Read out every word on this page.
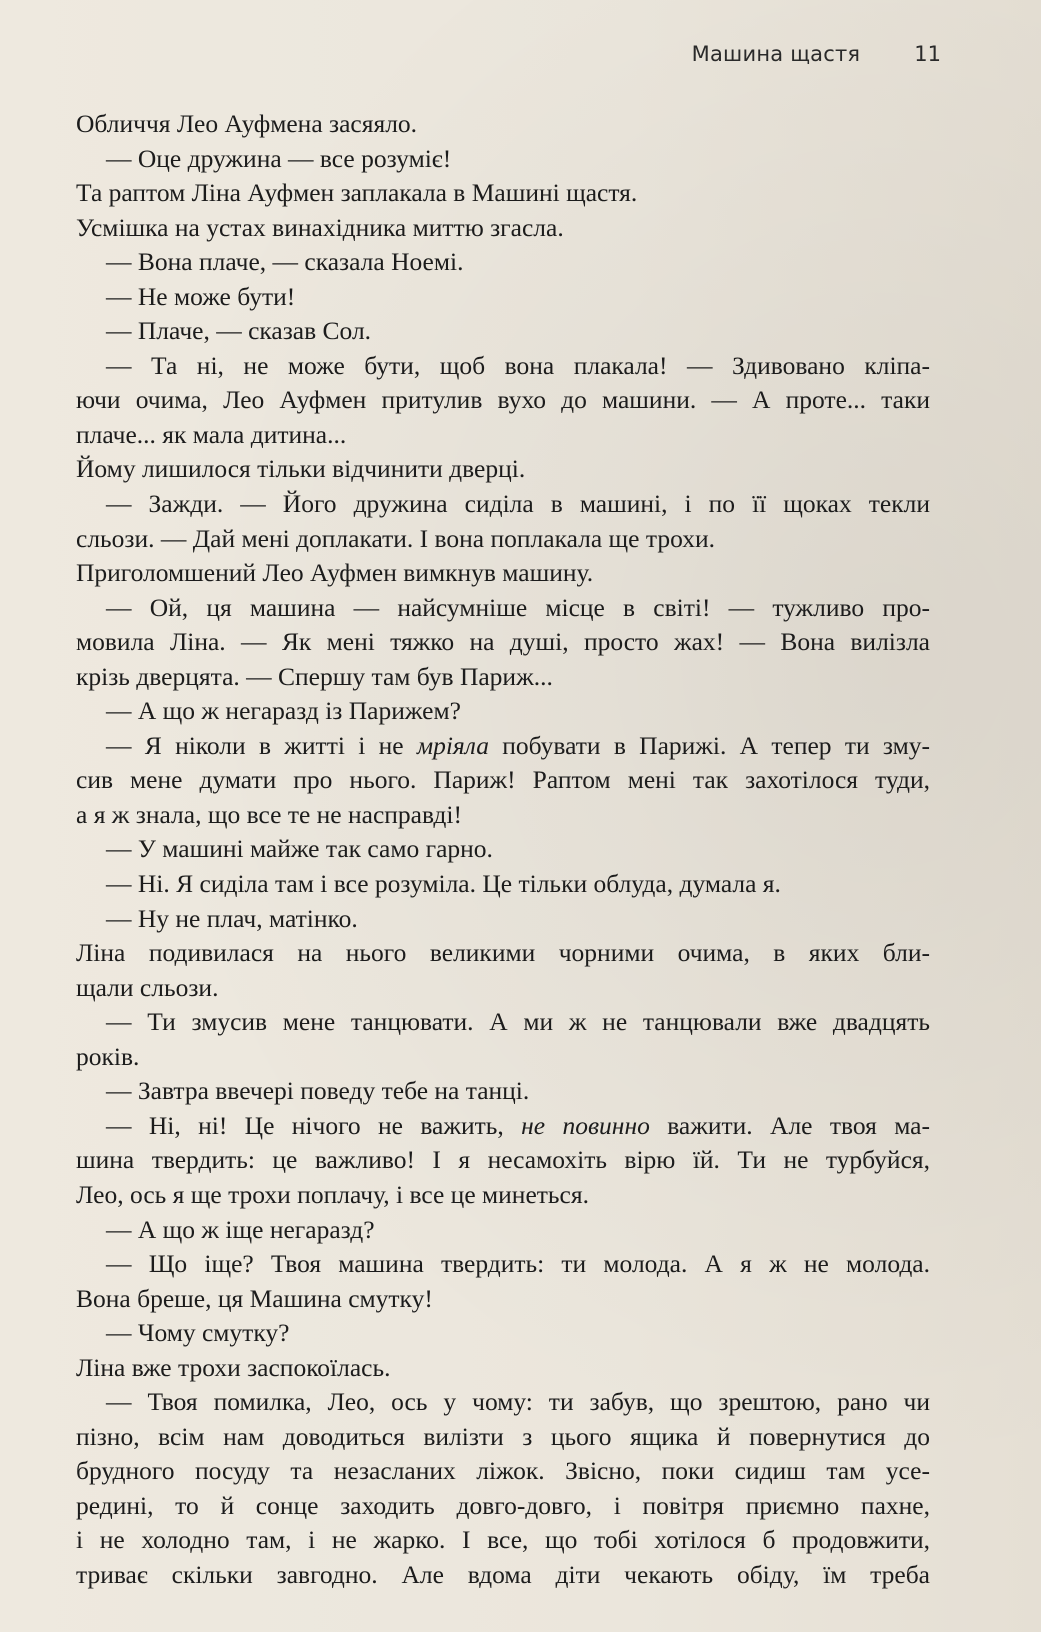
Машина щастя	11
Обличчя Лео Ауфмена засяяло.
— Оце дружина — все розуміє!
Та раптом Ліна Ауфмен заплакала в Машині щастя.
Усмішка на устах винахідника миттю згасла.
— Вона плаче, — сказала Ноемі.
— Не може бути!
— Плаче, — сказав Сол.
— Та ні, не може бути, щоб вона плакала! — Здивовано кліпа-
ючи очима, Лео Ауфмен притулив вухо до машини. — А проте... таки
плаче... як мала дитина...
Йому лишилося тільки відчинити дверці.
— Зажди. — Його дружина сиділа в машині, і по її щоках текли
сльози. — Дай мені доплакати. І вона поплакала ще трохи.
Приголомшений Лео Ауфмен вимкнув машину.
— Ой, ця машина — найсумніше місце в світі! — тужливо про-
мовила Ліна. — Як мені тяжко на душі, просто жах! — Вона вилізла
крізь дверцята. — Спершу там був Париж...
— А що ж негаразд із Парижем?
— Я ніколи в житті і не мріяла побувати в Парижі. А тепер ти зму-
сив мене думати про нього. Париж! Раптом мені так захотілося туди,
а я ж знала, що все те не насправді!
— У машині майже так само гарно.
— Ні. Я сиділа там і все розуміла. Це тільки облуда, думала я.
— Ну не плач, матінко.
Ліна подивилася на нього великими чорними очима, в яких бли-
щали сльози.
— Ти змусив мене танцювати. А ми ж не танцювали вже двадцять
років.
— Завтра ввечері поведу тебе на танці.
— Ні, ні! Це нічого не важить, не повинно важити. Але твоя ма-
шина твердить: це важливо! І я несамохіть вірю їй. Ти не турбуйся,
Лео, ось я ще трохи поплачу, і все це минеться.
— А що ж іще негаразд?
— Що іще? Твоя машина твердить: ти молода. А я ж не молода.
Вона бреше, ця Машина смутку!
— Чому смутку?
Ліна вже трохи заспокоїлась.
— Твоя помилка, Лео, ось у чому: ти забув, що зрештою, рано чи
пізно, всім нам доводиться вилізти з цього ящика й повернутися до
брудного посуду та незасланих ліжок. Звісно, поки сидиш там усе-
редині, то й сонце заходить довго-довго, і повітря приємно пахне,
і не холодно там, і не жарко. І все, що тобі хотілося б продовжити,
триває скільки завгодно. Але вдома діти чекають обіду, їм треба
